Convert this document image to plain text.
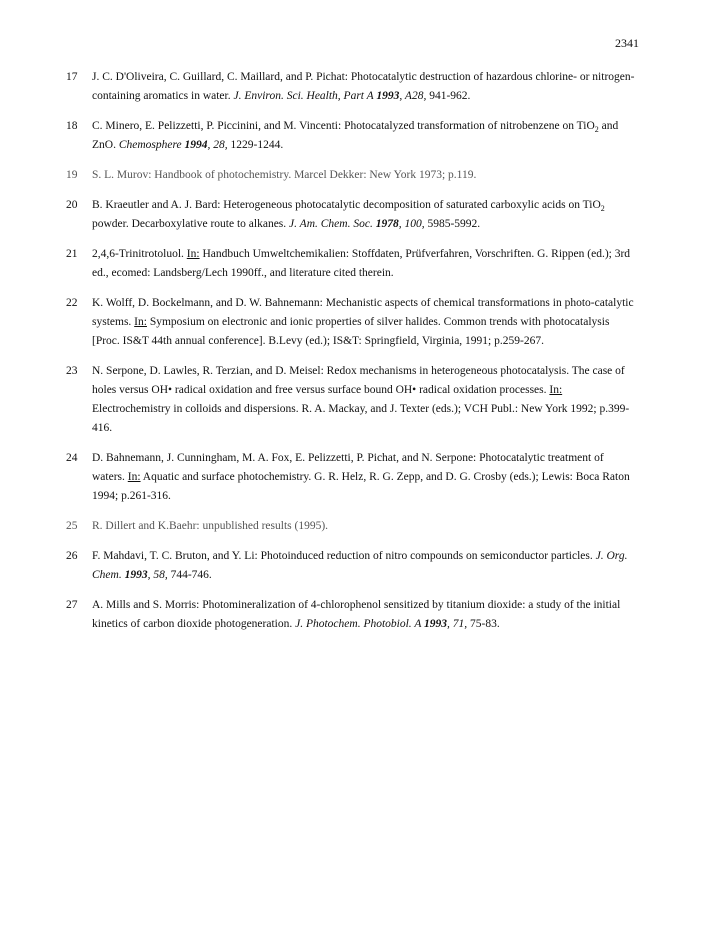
2341
17	J. C. D'Oliveira, C. Guillard, C. Maillard, and P. Pichat: Photocatalytic destruction of hazardous chlorine- or nitrogen-containing aromatics in water. J. Environ. Sci. Health, Part A 1993, A28, 941-962.
18	C. Minero, E. Pelizzetti, P. Piccinini, and M. Vincenti: Photocatalyzed transformation of nitrobenzene on TiO$_2$ and ZnO. Chemosphere 1994, 28, 1229-1244.
19	S. L. Murov: Handbook of photochemistry. Marcel Dekker: New York 1973; p.119.
20	B. Kraeutler and A. J. Bard: Heterogeneous photocatalytic decomposition of saturated carboxylic acids on TiO$_2$ powder. Decarboxylative route to alkanes. J. Am. Chem. Soc. 1978, 100, 5985-5992.
21	2,4,6-Trinitrotoluol. In: Handbuch Umweltchemikalien: Stoffdaten, Prüfverfahren, Vorschriften. G. Rippen (ed.); 3rd ed., ecomed: Landsberg/Lech 1990ff., and literature cited therein.
22	K. Wolff, D. Bockelmann, and D. W. Bahnemann: Mechanistic aspects of chemical transformations in photo-catalytic systems. In: Symposium on electronic and ionic properties of silver halides. Common trends with photocatalysis [Proc. IS&T 44th annual conference]. B.Levy (ed.); IS&T: Springfield, Virginia, 1991; p.259-267.
23	N. Serpone, D. Lawles, R. Terzian, and D. Meisel: Redox mechanisms in heterogeneous photocatalysis. The case of holes versus OH• radical oxidation and free versus surface bound OH• radical oxidation processes. In: Electrochemistry in colloids and dispersions. R. A. Mackay, and J. Texter (eds.); VCH Publ.: New York 1992; p.399-416.
24	D. Bahnemann, J. Cunningham, M. A. Fox, E. Pelizzetti, P. Pichat, and N. Serpone: Photocatalytic treatment of waters. In: Aquatic and surface photochemistry. G. R. Helz, R. G. Zepp, and D. G. Crosby (eds.); Lewis: Boca Raton 1994; p.261-316.
25	R. Dillert and K.Baehr: unpublished results (1995).
26	F. Mahdavi, T. C. Bruton, and Y. Li: Photoinduced reduction of nitro compounds on semiconductor particles. J. Org. Chem. 1993, 58, 744-746.
27	A. Mills and S. Morris: Photomineralization of 4-chlorophenol sensitized by titanium dioxide: a study of the initial kinetics of carbon dioxide photogeneration. J. Photochem. Photobiol. A 1993, 71, 75-83.
